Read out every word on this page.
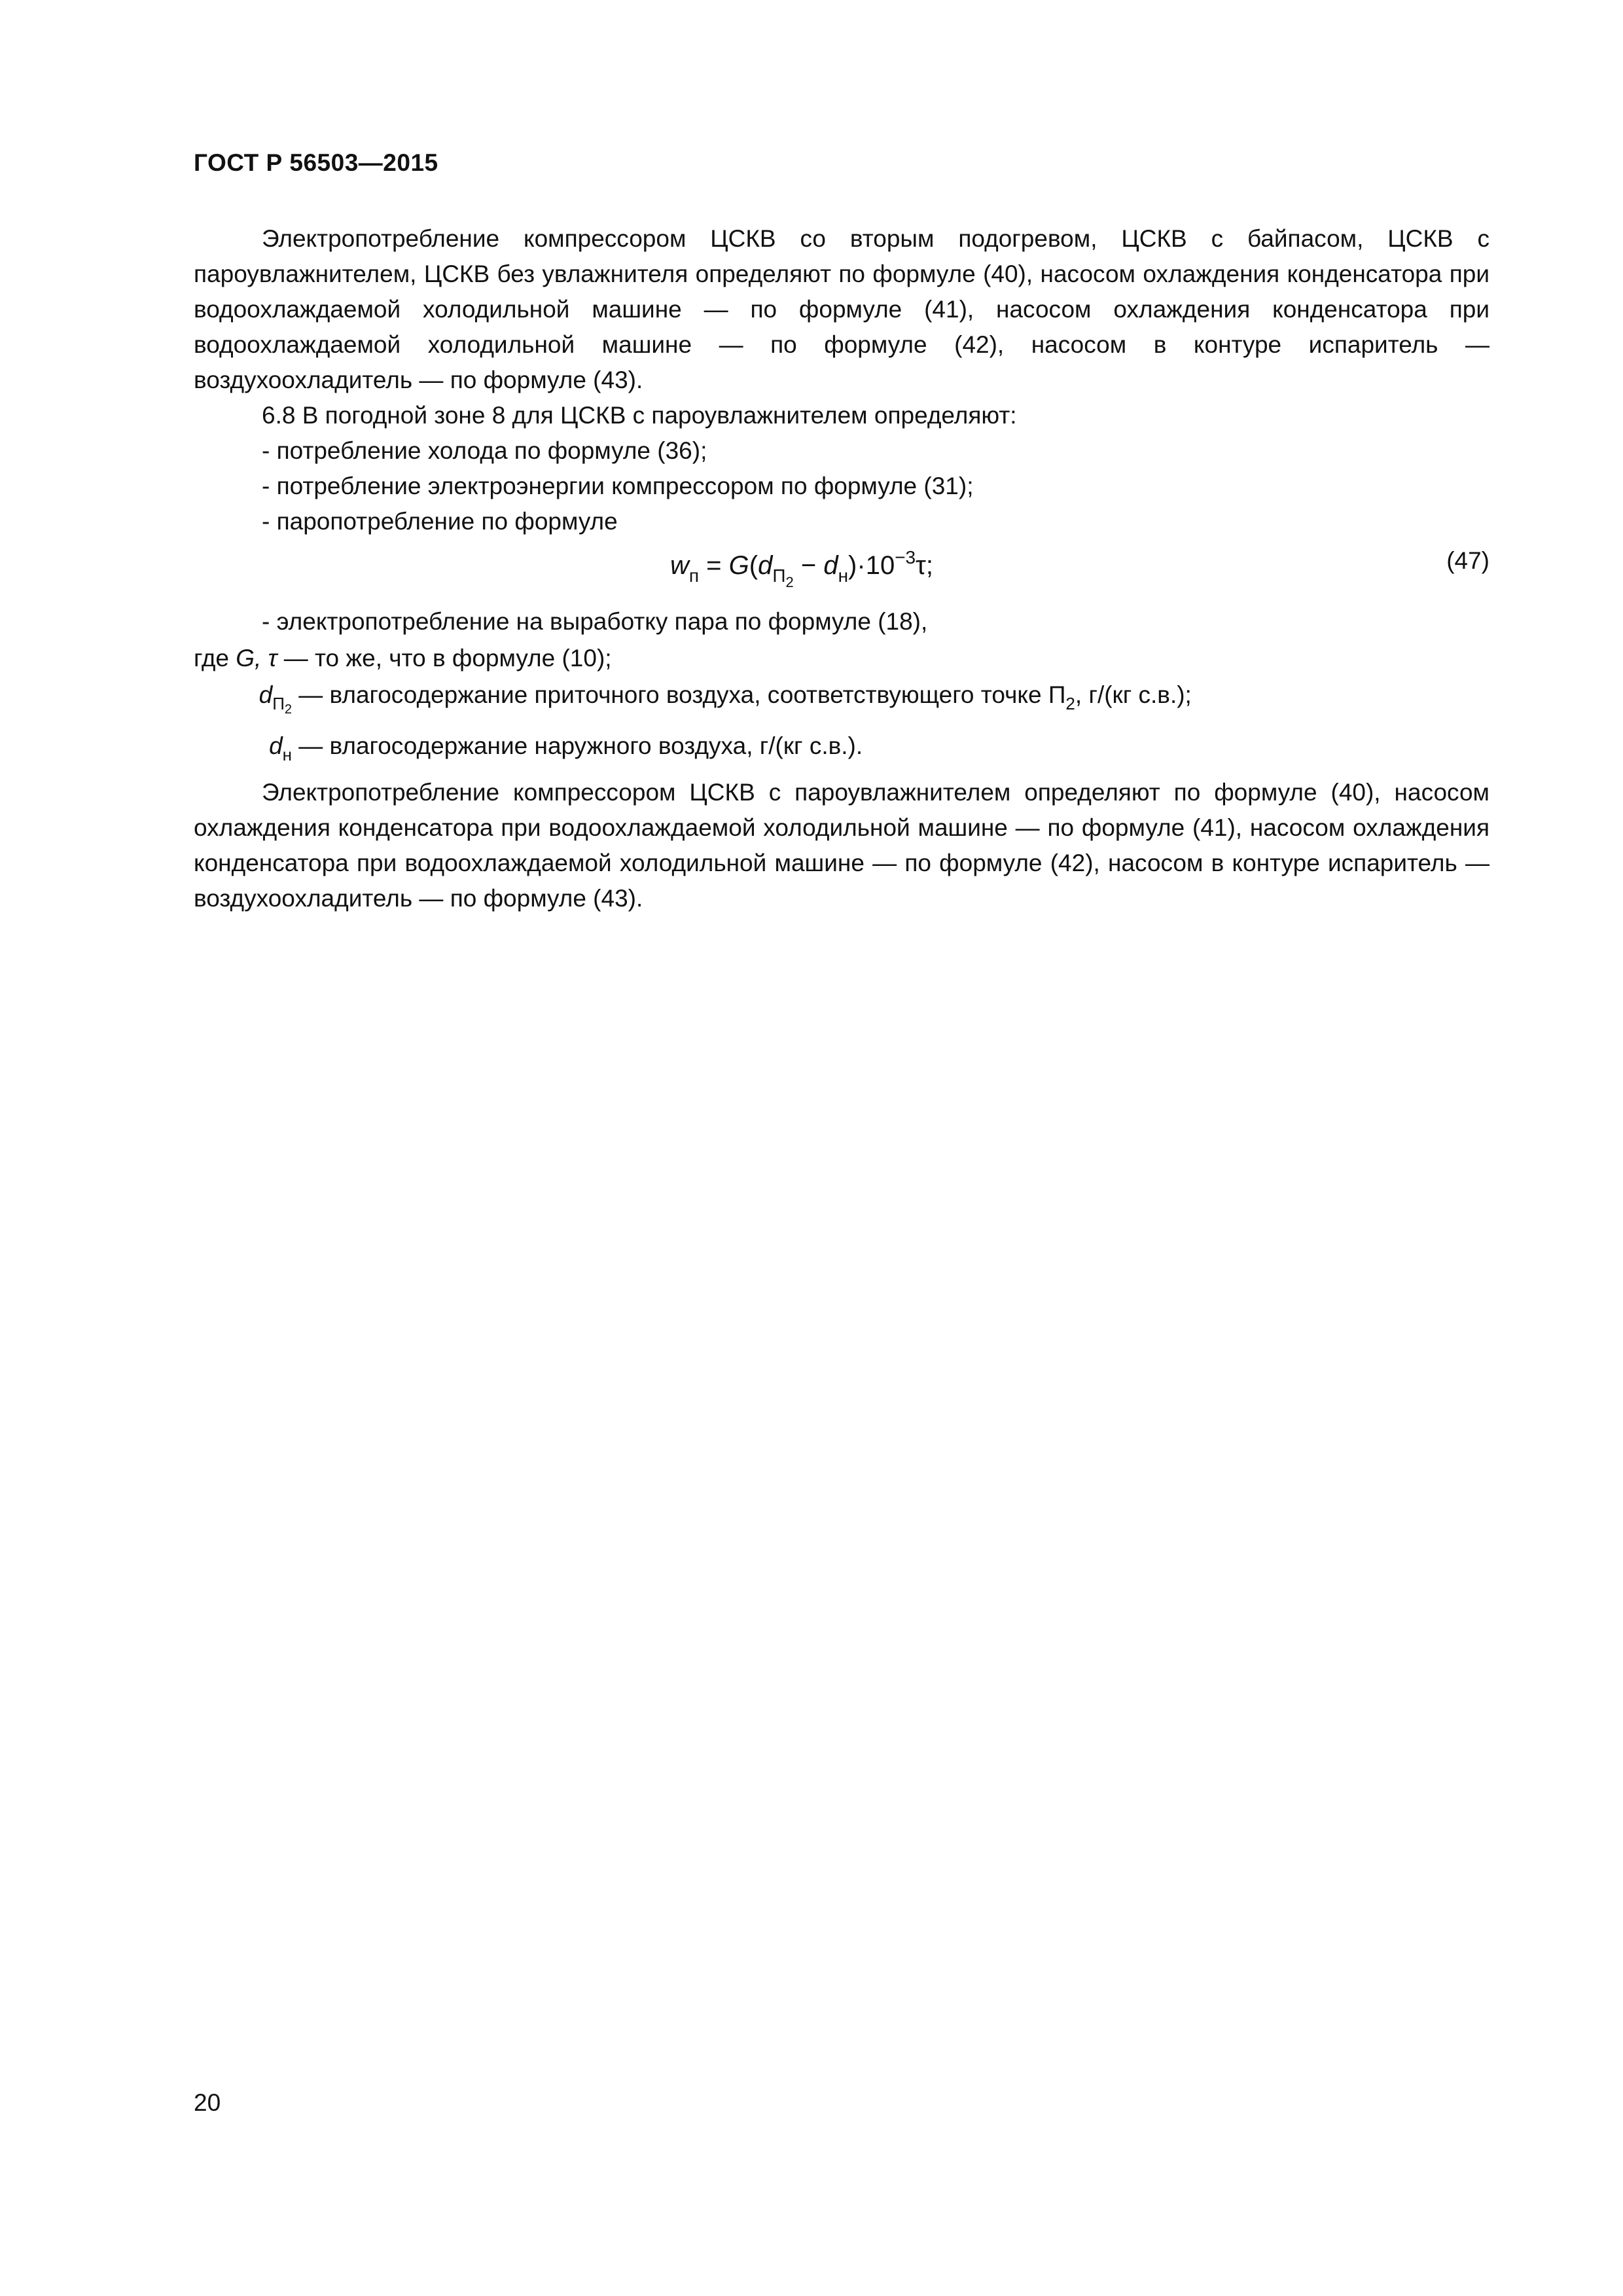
ГОСТ Р 56503—2015

Электропотребление компрессором ЦСКВ со вторым подогревом, ЦСКВ с байпасом, ЦСКВ с пароувлажнителем, ЦСКВ без увлажнителя определяют по формуле (40), насосом охлаждения конденсатора при водоохлаждаемой холодильной машине — по формуле (41), насосом охлаждения конденсатора при водоохлаждаемой холодильной машине — по формуле (42), насосом в контуре испаритель — воздухоохладитель — по формуле (43).

6.8 В погодной зоне 8 для ЦСКВ с пароувлажнителем определяют:

- потребление холода по формуле (36);

- потребление электроэнергии компрессором по формуле (31);

- паропотребление по формуле

$w_п = G(d_{П_2} - d_н)\cdot 10^{-3}\tau$;	(47)

- электропотребление на выработку пара по формуле (18),

где G, τ — то же, что в формуле (10);

$d_{П_2}$ — влагосодержание приточного воздуха, соответствующего точке $П_2$, г/(кг с.в.);

$d_н$ — влагосодержание наружного воздуха, г/(кг с.в.).

Электропотребление компрессором ЦСКВ с пароувлажнителем определяют по формуле (40), насосом охлаждения конденсатора при водоохлаждаемой холодильной машине — по формуле (41), насосом охлаждения конденсатора при водоохлаждаемой холодильной машине — по формуле (42), насосом в контуре испаритель — воздухоохладитель — по формуле (43).

20
